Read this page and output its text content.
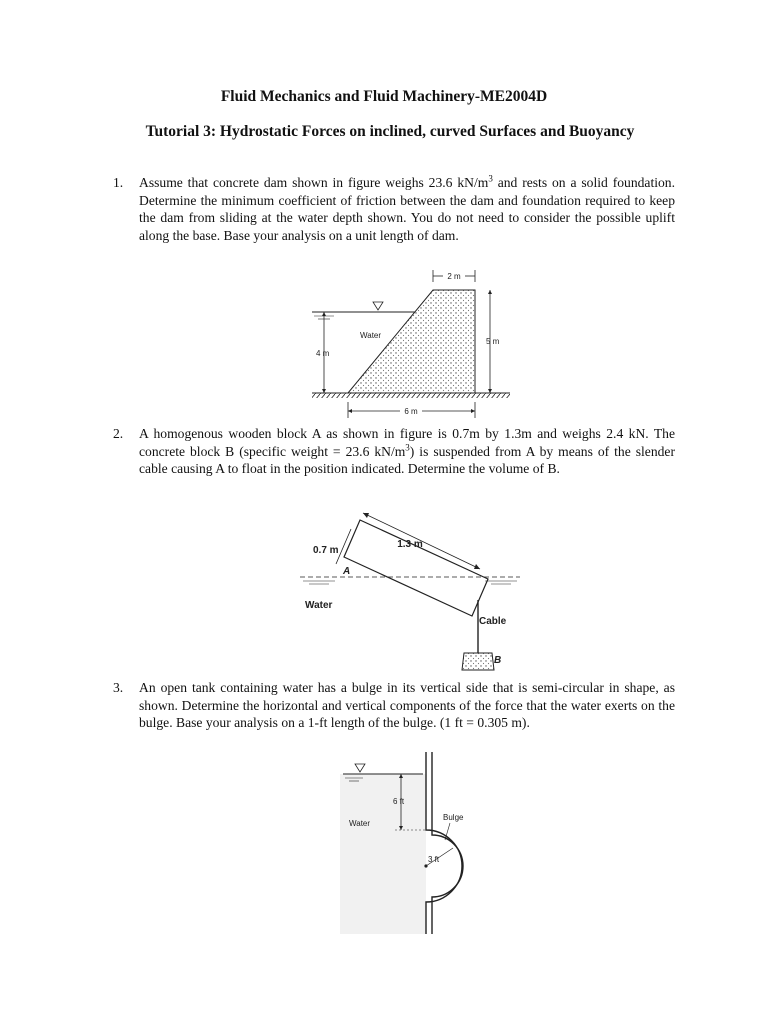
Fluid Mechanics and Fluid Machinery-ME2004D
Tutorial 3: Hydrostatic Forces on inclined, curved Surfaces and Buoyancy
1. Assume that concrete dam shown in figure weighs 23.6 $kN/m^3$ and rests on a solid foundation. Determine the minimum coefficient of friction between the dam and foundation required to keep the dam from sliding at the water depth shown. You do not need to consider the possible uplift along the base. Base your analysis on a unit length of dam.
2 m
Water
4 m
5 m
6 m
2. A homogenous wooden block A as shown in figure is 0.7m by 1.3m and weighs 2.4 kN. The concrete block B (specific weight = 23.6 $kN/m^3$) is suspended from A by means of the slender cable causing A to float in the position indicated. Determine the volume of B.
A
Water
1.3 m
0.7 m
Cable
B
3. An open tank containing water has a bulge in its vertical side that is semi-circular in shape, as shown. Determine the horizontal and vertical components of the force that the water exerts on the bulge. Base your analysis on a 1-ft length of the bulge. (1 ft = 0.305 m).
6 ft
Water
Bulge
3 ft
